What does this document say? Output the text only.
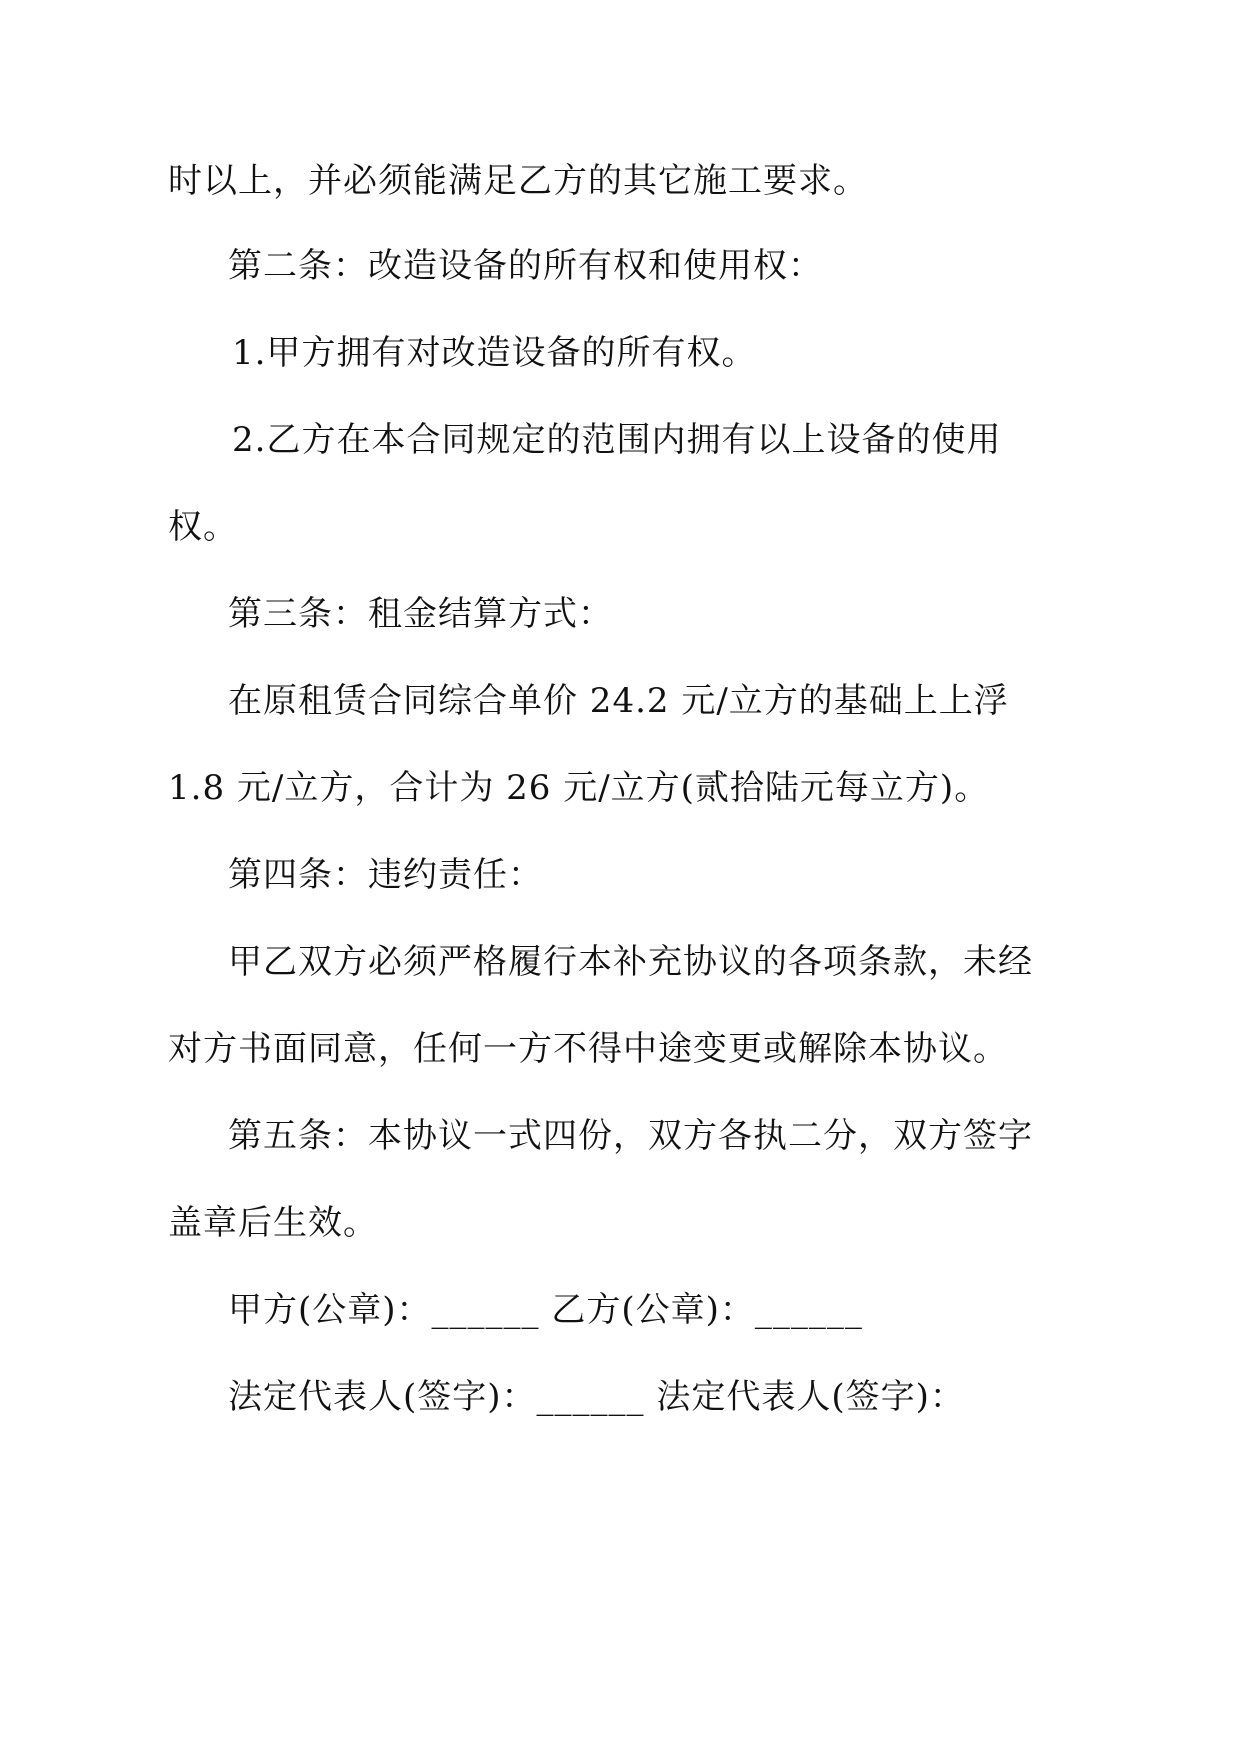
时以上，并必须能满足乙方的其它施工要求。
第二条：改造设备的所有权和使用权：
1.甲方拥有对改造设备的所有权。
2.乙方在本合同规定的范围内拥有以上设备的使用
权。
第三条：租金结算方式：
在原租赁合同综合单价 24.2 元/立方的基础上上浮
1.8 元/立方，合计为 26 元/立方(贰拾陆元每立方)。
第四条：违约责任：
甲乙双方必须严格履行本补充协议的各项条款，未经
对方书面同意，任何一方不得中途变更或解除本协议。
第五条：本协议一式四份，双方各执二分，双方签字
盖章后生效。
甲方(公章)：______ 乙方(公章)：______
法定代表人(签字)：______ 法定代表人(签字)：
